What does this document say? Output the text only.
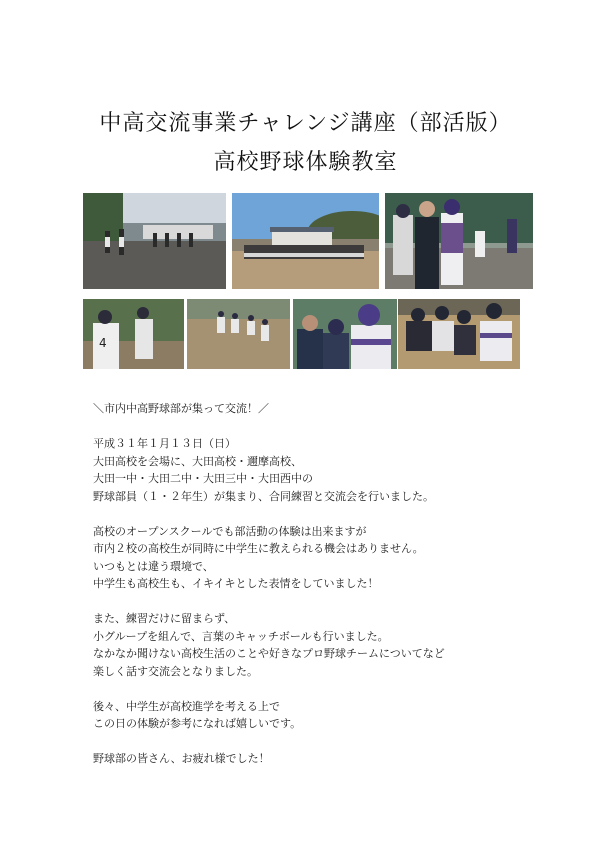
中高交流事業チャレンジ講座（部活版）
高校野球体験教室
4
＼市内中高野球部が集って交流！／
平成３１年１月１３日（日）
大田高校を会場に、大田高校・邇摩高校、
大田一中・大田二中・大田三中・大田西中の
野球部員（１・２年生）が集まり、合同練習と交流会を行いました。
高校のオープンスクールでも部活動の体験は出来ますが
市内２校の高校生が同時に中学生に教えられる機会はありません。
いつもとは違う環境で、
中学生も高校生も、イキイキとした表情をしていました！
また、練習だけに留まらず、
小グループを組んで、言葉のキャッチボールも行いました。
なかなか聞けない高校生活のことや好きなプロ野球チームについてなど
楽しく話す交流会となりました。
後々、中学生が高校進学を考える上で
この日の体験が参考になれば嬉しいです。
野球部の皆さん、お疲れ様でした！
